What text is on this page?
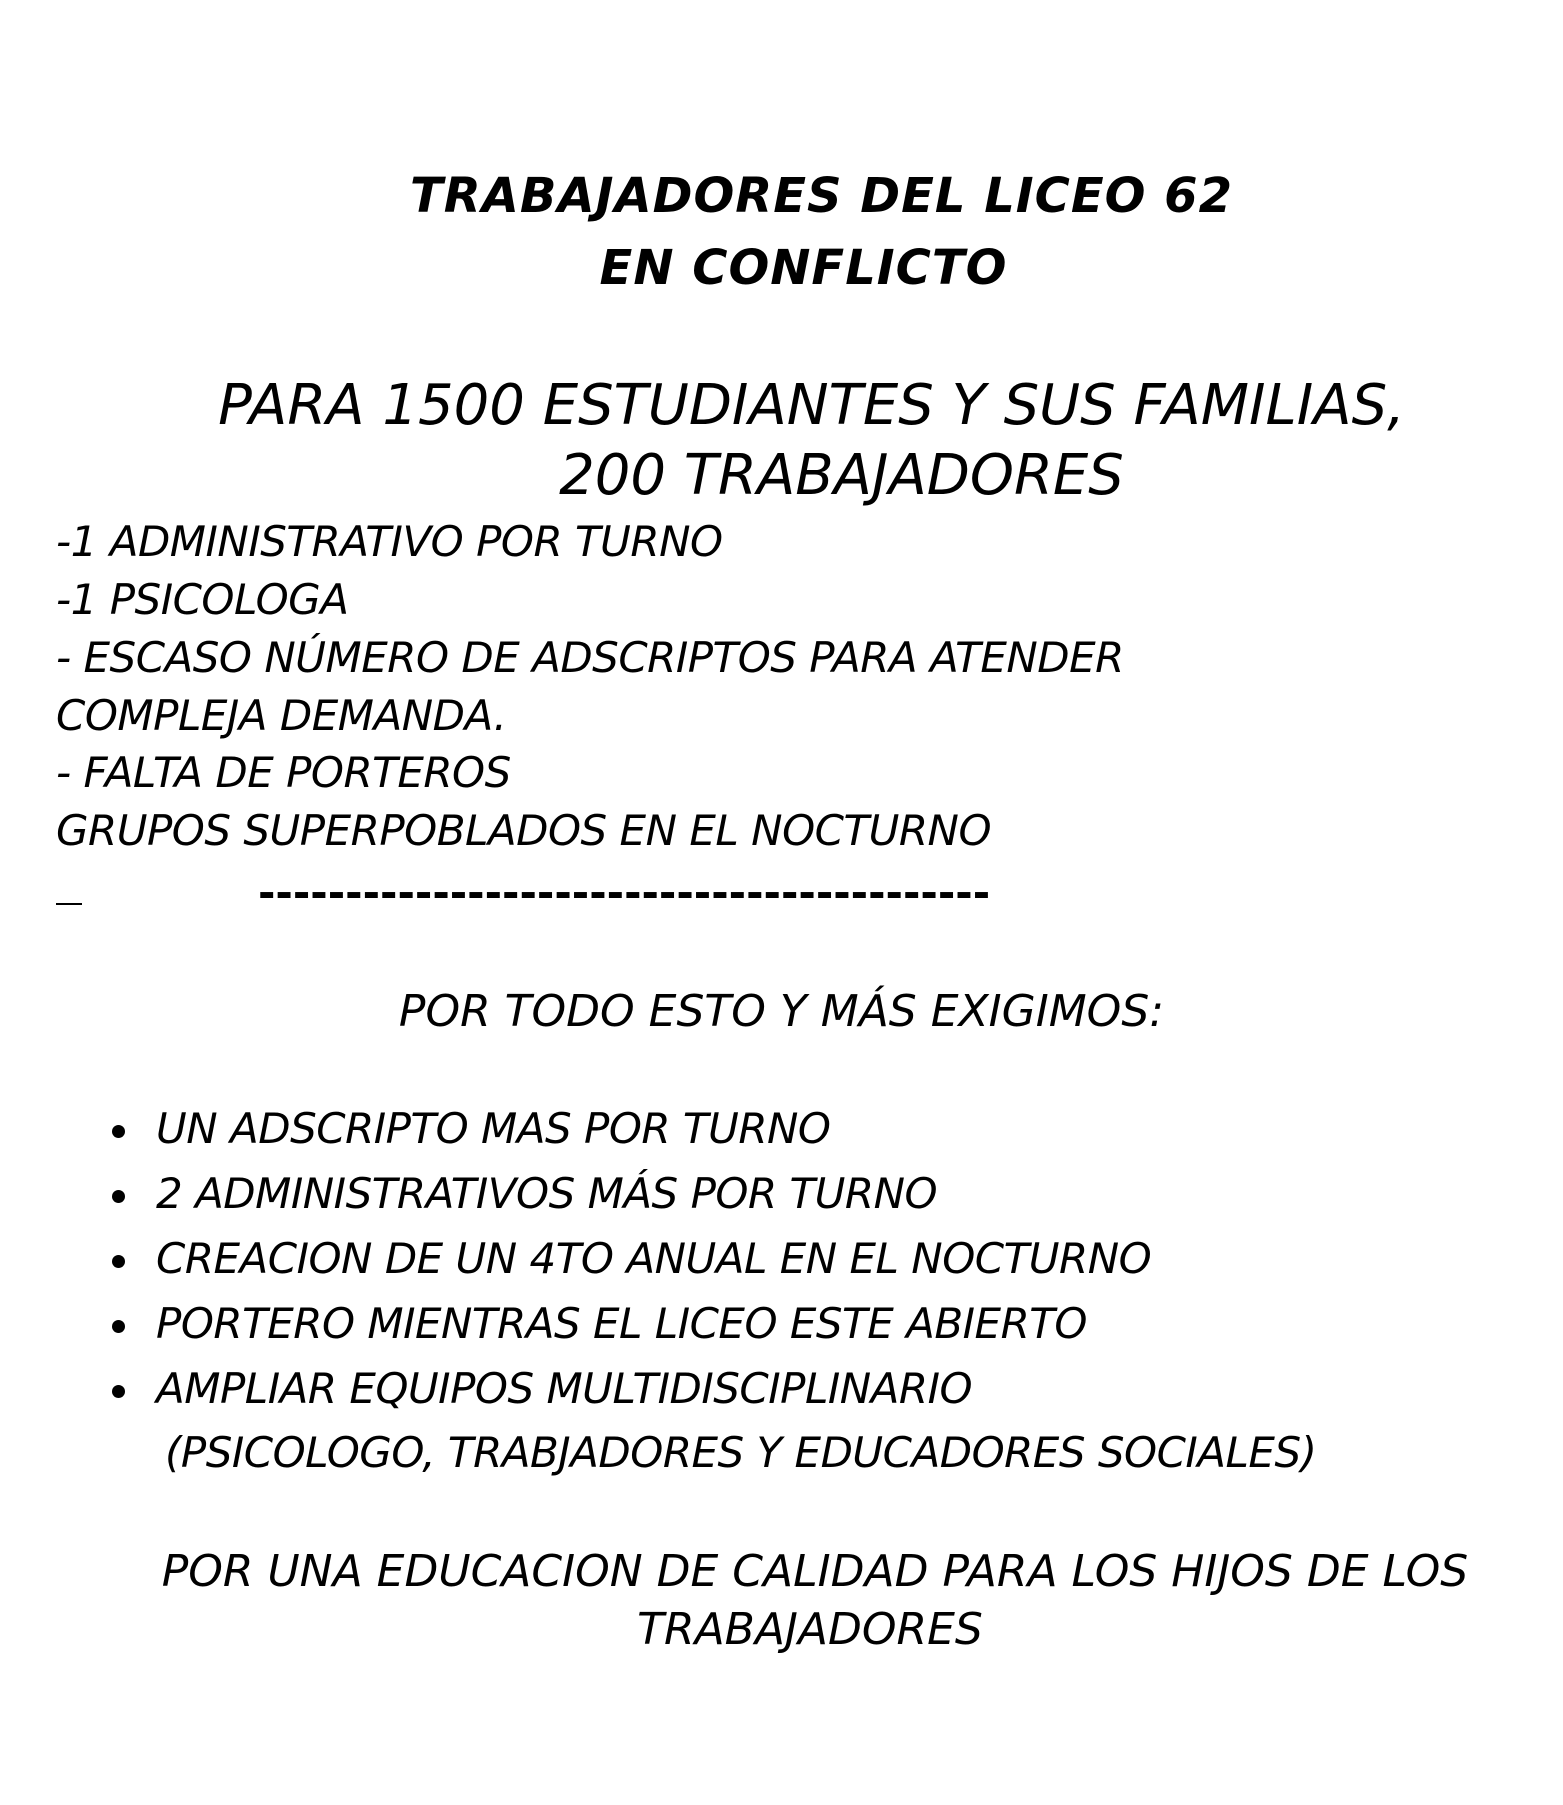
TRABAJADORES DEL LICEO 62
EN CONFLICTO
PARA 1500 ESTUDIANTES Y SUS FAMILIAS,
200 TRABAJADORES
-1 ADMINISTRATIVO POR TURNO
-1 PSICOLOGA
- ESCASO NÚMERO DE ADSCRIPTOS PARA ATENDER
COMPLEJA DEMANDA.
- FALTA DE PORTEROS
GRUPOS SUPERPOBLADOS EN EL NOCTURNO
------------------------------------------
POR TODO ESTO Y MÁS EXIGIMOS:
UN ADSCRIPTO MAS POR TURNO
2 ADMINISTRATIVOS MÁS POR TURNO
CREACION DE UN 4TO ANUAL EN EL NOCTURNO
PORTERO MIENTRAS EL LICEO ESTE ABIERTO
AMPLIAR EQUIPOS MULTIDISCIPLINARIO
(PSICOLOGO, TRABJADORES Y EDUCADORES SOCIALES)
POR UNA EDUCACION DE CALIDAD PARA LOS HIJOS DE LOS
TRABAJADORES
